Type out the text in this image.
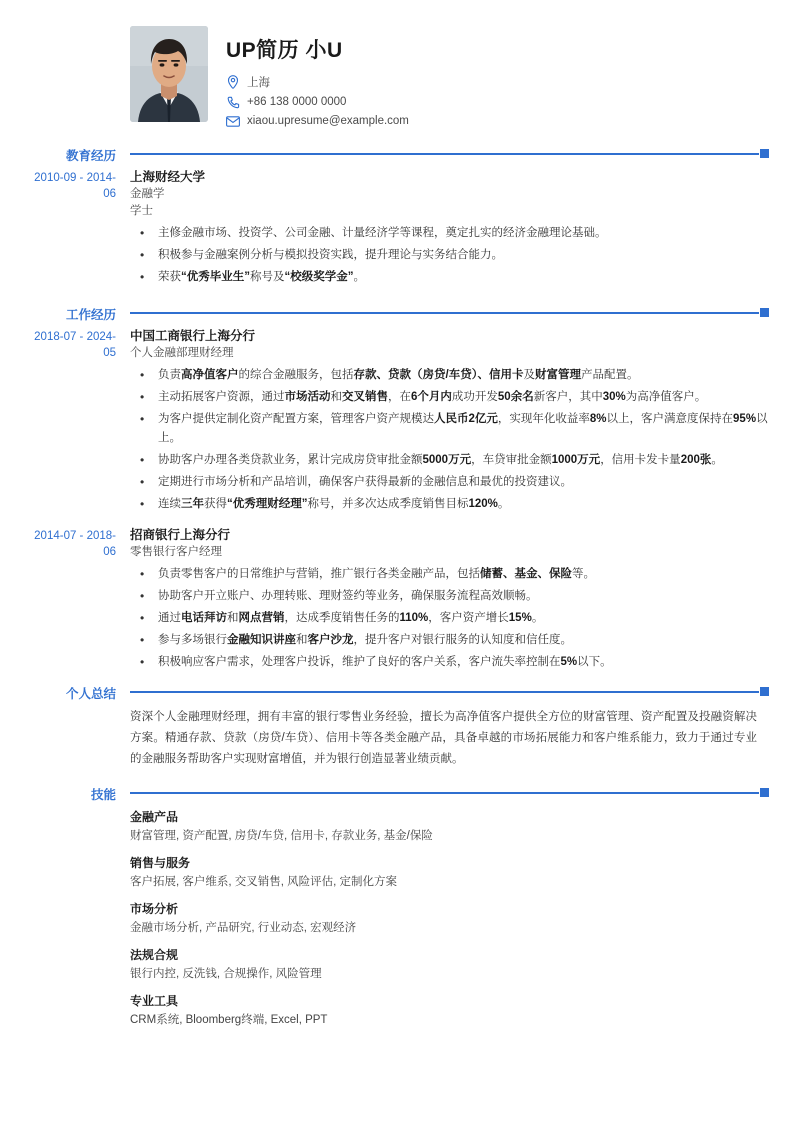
UP简历 小U
上海
+86 138 0000 0000
xiaou.upresume@example.com
教育经历
2010-09 - 2014-06
上海财经大学
金融学
学士
• 主修金融市场、投资学、公司金融、计量经济学等课程，奠定扎实的经济金融理论基础。
• 积极参与金融案例分析与模拟投资实践，提升理论与实务结合能力。
• 荣获“优秀毕业生”称号及“校级奖学金”。
工作经历
2018-07 - 2024-05
中国工商银行上海分行
个人金融部理财经理
• 负责高净值客户的综合金融服务，包括存款、贷款（房贷/车贷）、信用卡及财富管理产品配置。
• 主动拓展客户资源，通过市场活动和交叉销售，在6个月内成功开发50余名新客户，其中30%为高净值客户。
• 为客户提供定制化资产配置方案，管理客户资产规模达人民币2亿元，实现年化收益率8%以上，客户满意度保持在95%以上。
• 协助客户办理各类贷款业务，累计完成房贷审批金额5000万元，车贷审批金额1000万元，信用卡发卡量200张。
• 定期进行市场分析和产品培训，确保客户获得最新的金融信息和最优的投资建议。
• 连续三年获得“优秀理财经理”称号，并多次达成季度销售目标120%。
2014-07 - 2018-06
招商银行上海分行
零售银行客户经理
• 负责零售客户的日常维护与营销，推广银行各类金融产品，包括储蓄、基金、保险等。
• 协助客户开立账户、办理转账、理财签约等业务，确保服务流程高效顺畅。
• 通过电话拜访和网点营销，达成季度销售任务的110%，客户资产增长15%。
• 参与多场银行金融知识讲座和客户沙龙，提升客户对银行服务的认知度和信任度。
• 积极响应客户需求，处理客户投诉，维护了良好的客户关系，客户流失率控制在5%以下。
个人总结
资深个人金融理财经理，拥有丰富的银行零售业务经验，擅长为高净值客户提供全方位的财富管理、资产配置及投融资解决方案。精通存款、贷款（房贷/车贷）、信用卡等各类金融产品，具备卓越的市场拓展能力和客户维系能力，致力于通过专业的金融服务帮助客户实现财富增值，并为银行创造显著业绩贡献。
技能
金融产品
财富管理, 资产配置, 房贷/车贷, 信用卡, 存款业务, 基金/保险
销售与服务
客户拓展, 客户维系, 交叉销售, 风险评估, 定制化方案
市场分析
金融市场分析, 产品研究, 行业动态, 宏观经济
法规合规
银行内控, 反洗钱, 合规操作, 风险管理
专业工具
CRM系统, Bloomberg终端, Excel, PPT
